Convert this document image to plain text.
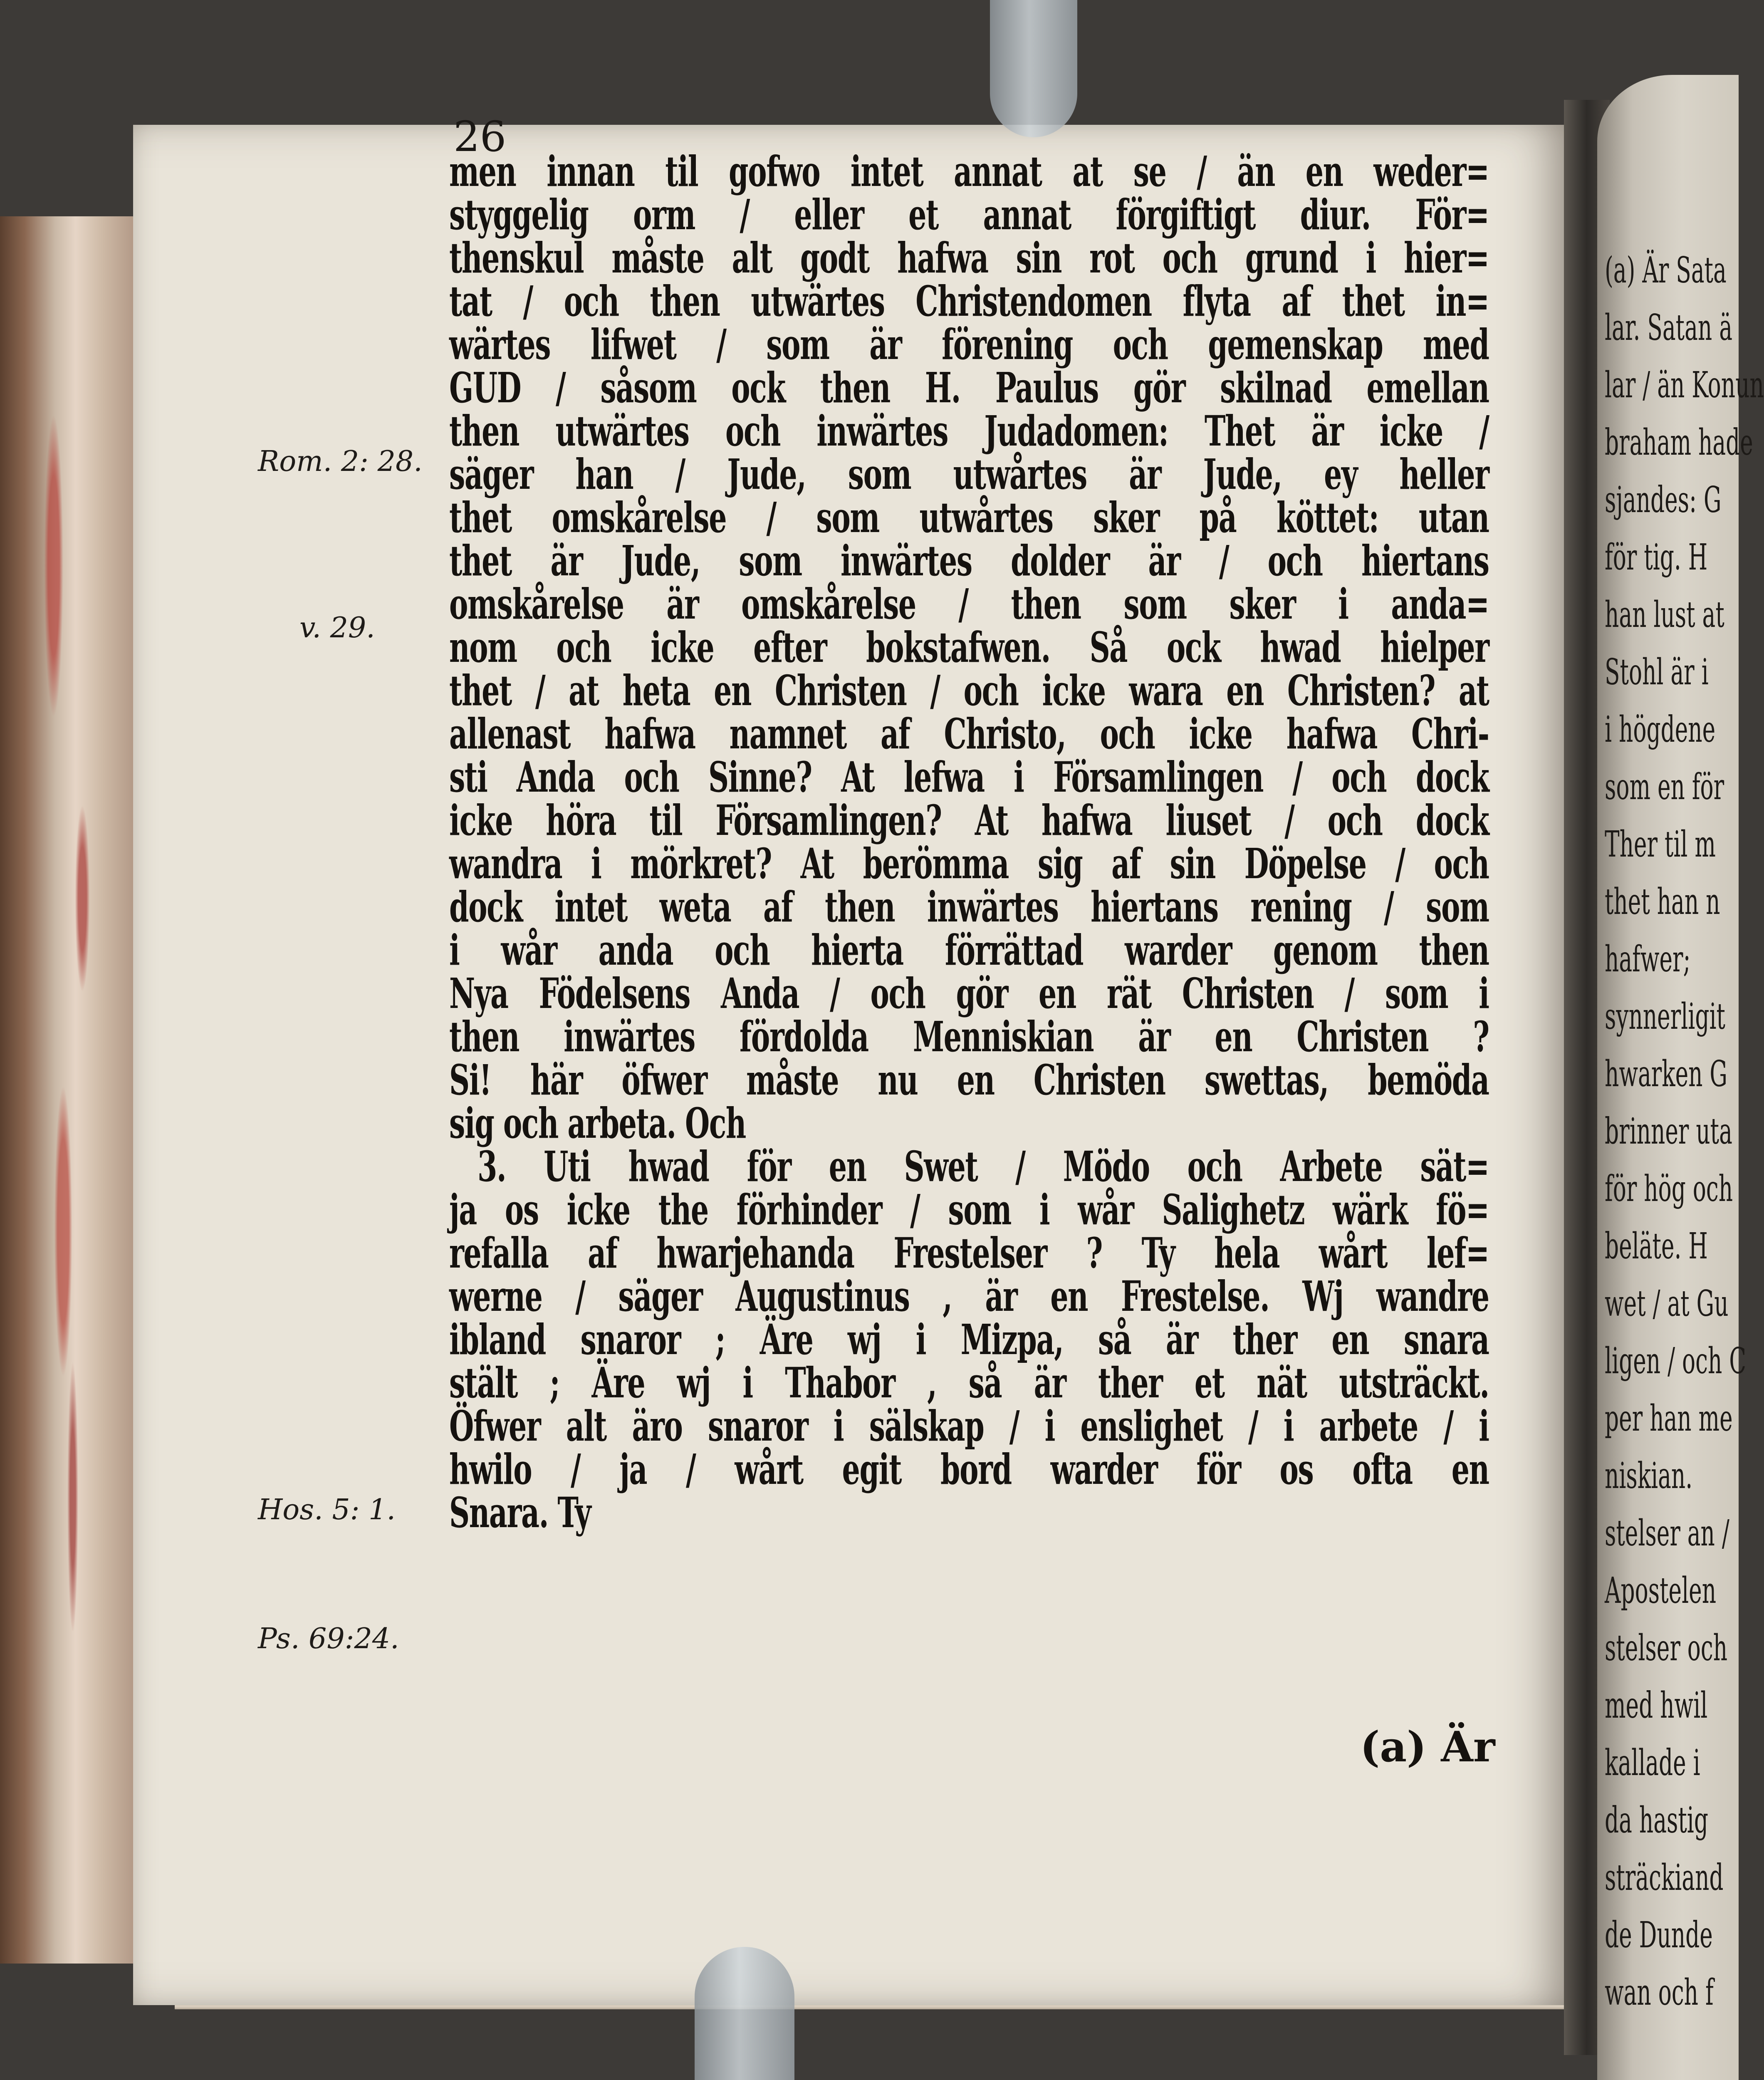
(a) Är Sata
lar. Satan ä
lar / än Konun
braham hade
sjandes: G
för tig. H
han lust at
Stohl är i
i högdene
som en för
Ther til m
thet han n
hafwer;
synnerligit
hwarken G
brinner uta
för hög och
beläte. H
wet / at Gu
ligen / och C
per han me
niskian.
stelser an /
Apostelen
stelser och
med hwil
kallade i
da hastig
sträckiand
de Dunde
wan och f
26
men innan til gofwo intet annat at se / än en weder=
styggelig orm / eller et annat förgiftigt diur. För=
thenskul måste alt godt hafwa sin rot och grund i hier=
tat / och then utwärtes Christendomen flyta af thet in=
wärtes lifwet / som är förening och gemenskap med
GUD / såsom ock then H. Paulus gör skilnad emellan
then utwärtes och inwärtes Judadomen: Thet är icke /
säger han / Jude, som utwårtes är Jude, ey heller
thet omskårelse / som utwårtes sker på köttet: utan
thet är Jude, som inwärtes dolder är / och hiertans
omskårelse är omskårelse / then som sker i anda=
nom och icke efter bokstafwen. Så ock hwad hielper
thet / at heta en Christen / och icke wara en Christen? at
allenast hafwa namnet af Christo, och icke hafwa Chri-
sti Anda och Sinne? At lefwa i Församlingen / och dock
icke höra til Församlingen? At hafwa liuset / och dock
wandra i mörkret? At berömma sig af sin Döpelse / och
dock intet weta af then inwärtes hiertans rening / som
i wår anda och hierta förrättad warder genom then
Nya Födelsens Anda / och gör en rät Christen / som i
then inwärtes fördolda Menniskian är en Christen ?
Si! här öfwer måste nu en Christen swettas, bemöda
sig och arbeta. Och
3. Uti hwad för en Swet / Mödo och Arbete sät=
ja os icke the förhinder / som i wår Salighetz wärk fö=
refalla af hwarjehanda Frestelser ? Ty hela wårt lef=
werne / säger Augustinus , är en Frestelse. Wj wandre
ibland snaror ; Äre wj i Mizpa, så är ther en snara
stält ; Äre wj i Thabor , så är ther et nät utsträckt.
Öfwer alt äro snaror i sälskap / i enslighet / i arbete / i
hwilo / ja / wårt egit bord warder för os ofta en
Snara. Ty
Rom. 2: 28.
v. 29.
Hos. 5: 1.
Ps. 69:24.
(a) Är
